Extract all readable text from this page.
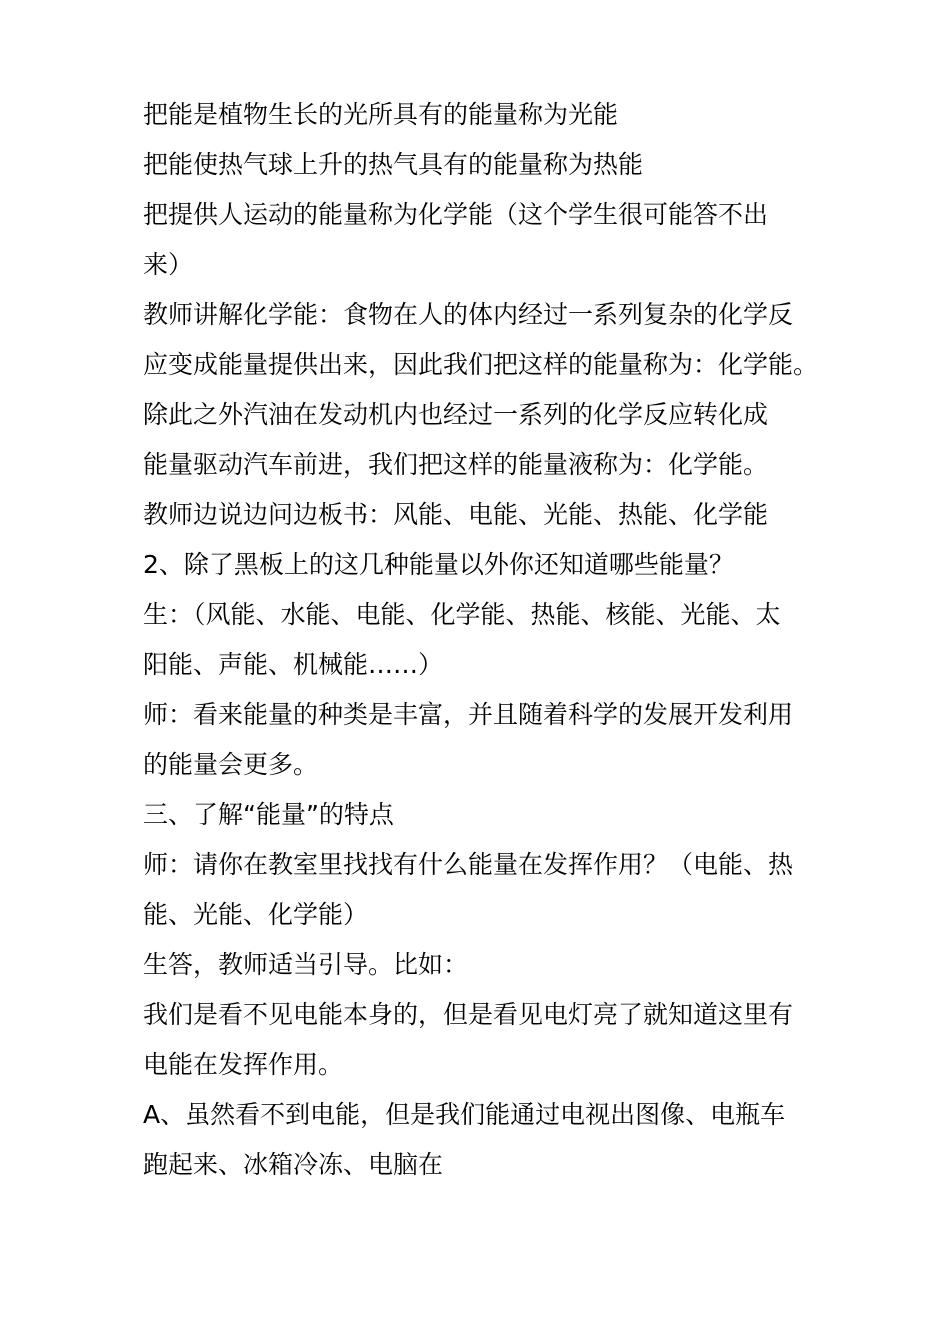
把能是植物生长的光所具有的能量称为光能
把能使热气球上升的热气具有的能量称为热能
把提供人运动的能量称为化学能（这个学生很可能答不出
来）
教师讲解化学能：食物在人的体内经过一系列复杂的化学反
应变成能量提供出来，因此我们把这样的能量称为：化学能。
除此之外汽油在发动机内也经过一系列的化学反应转化成
能量驱动汽车前进，我们把这样的能量液称为：化学能。
教师边说边问边板书：风能、电能、光能、热能、化学能
2、除了黑板上的这几种能量以外你还知道哪些能量？
生：（风能、水能、电能、化学能、热能、核能、光能、太
阳能、声能、机械能……）
师：看来能量的种类是丰富，并且随着科学的发展开发利用
的能量会更多。
三、了解“能量”的特点
师：请你在教室里找找有什么能量在发挥作用？（电能、热
能、光能、化学能）
生答，教师适当引导。比如：
我们是看不见电能本身的，但是看见电灯亮了就知道这里有
电能在发挥作用。
A、虽然看不到电能，但是我们能通过电视出图像、电瓶车
跑起来、冰箱冷冻、电脑在
